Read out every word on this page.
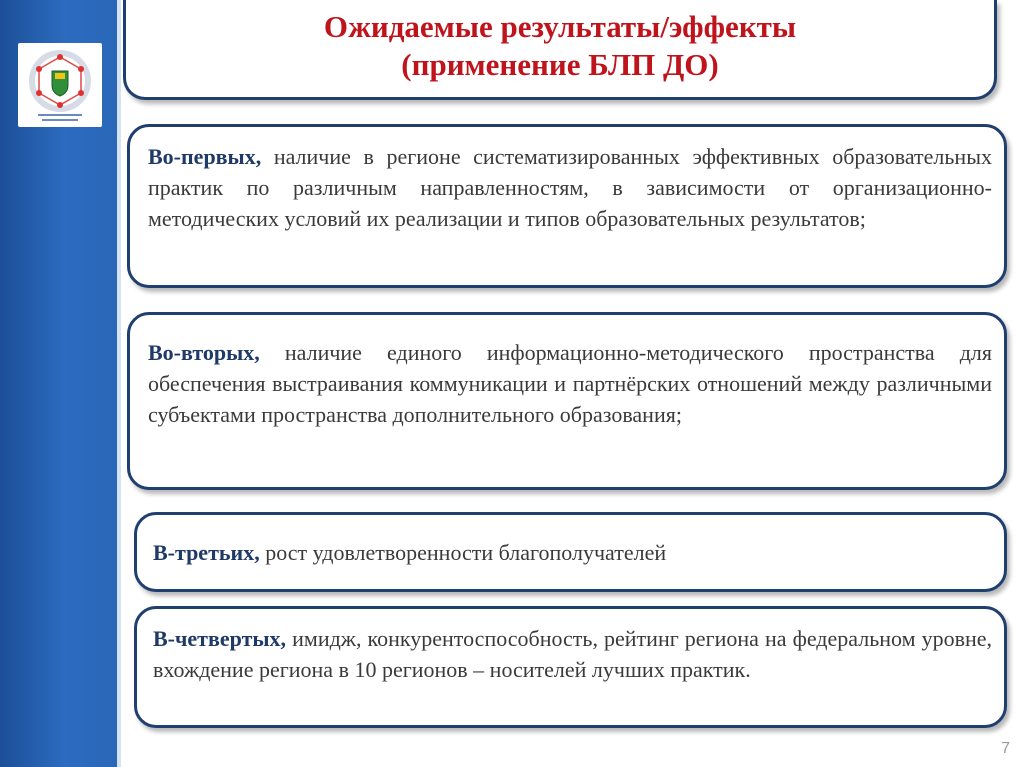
Ожидаемые результаты/эффекты
(применение БЛП ДО)
Во-первых, наличие в регионе систематизированных эффективных образовательных практик по различным направленностям, в зависимости от организационно-методических условий их реализации и типов образовательных результатов;
Во-вторых, наличие единого информационно-методического пространства для обеспечения выстраивания коммуникации и партнёрских отношений между различными субъектами пространства дополнительного образования;
В-третьих, рост удовлетворенности благополучателей
В-четвертых, имидж, конкурентоспособность, рейтинг региона на федеральном уровне, вхождение региона в 10 регионов – носителей лучших практик.
7
